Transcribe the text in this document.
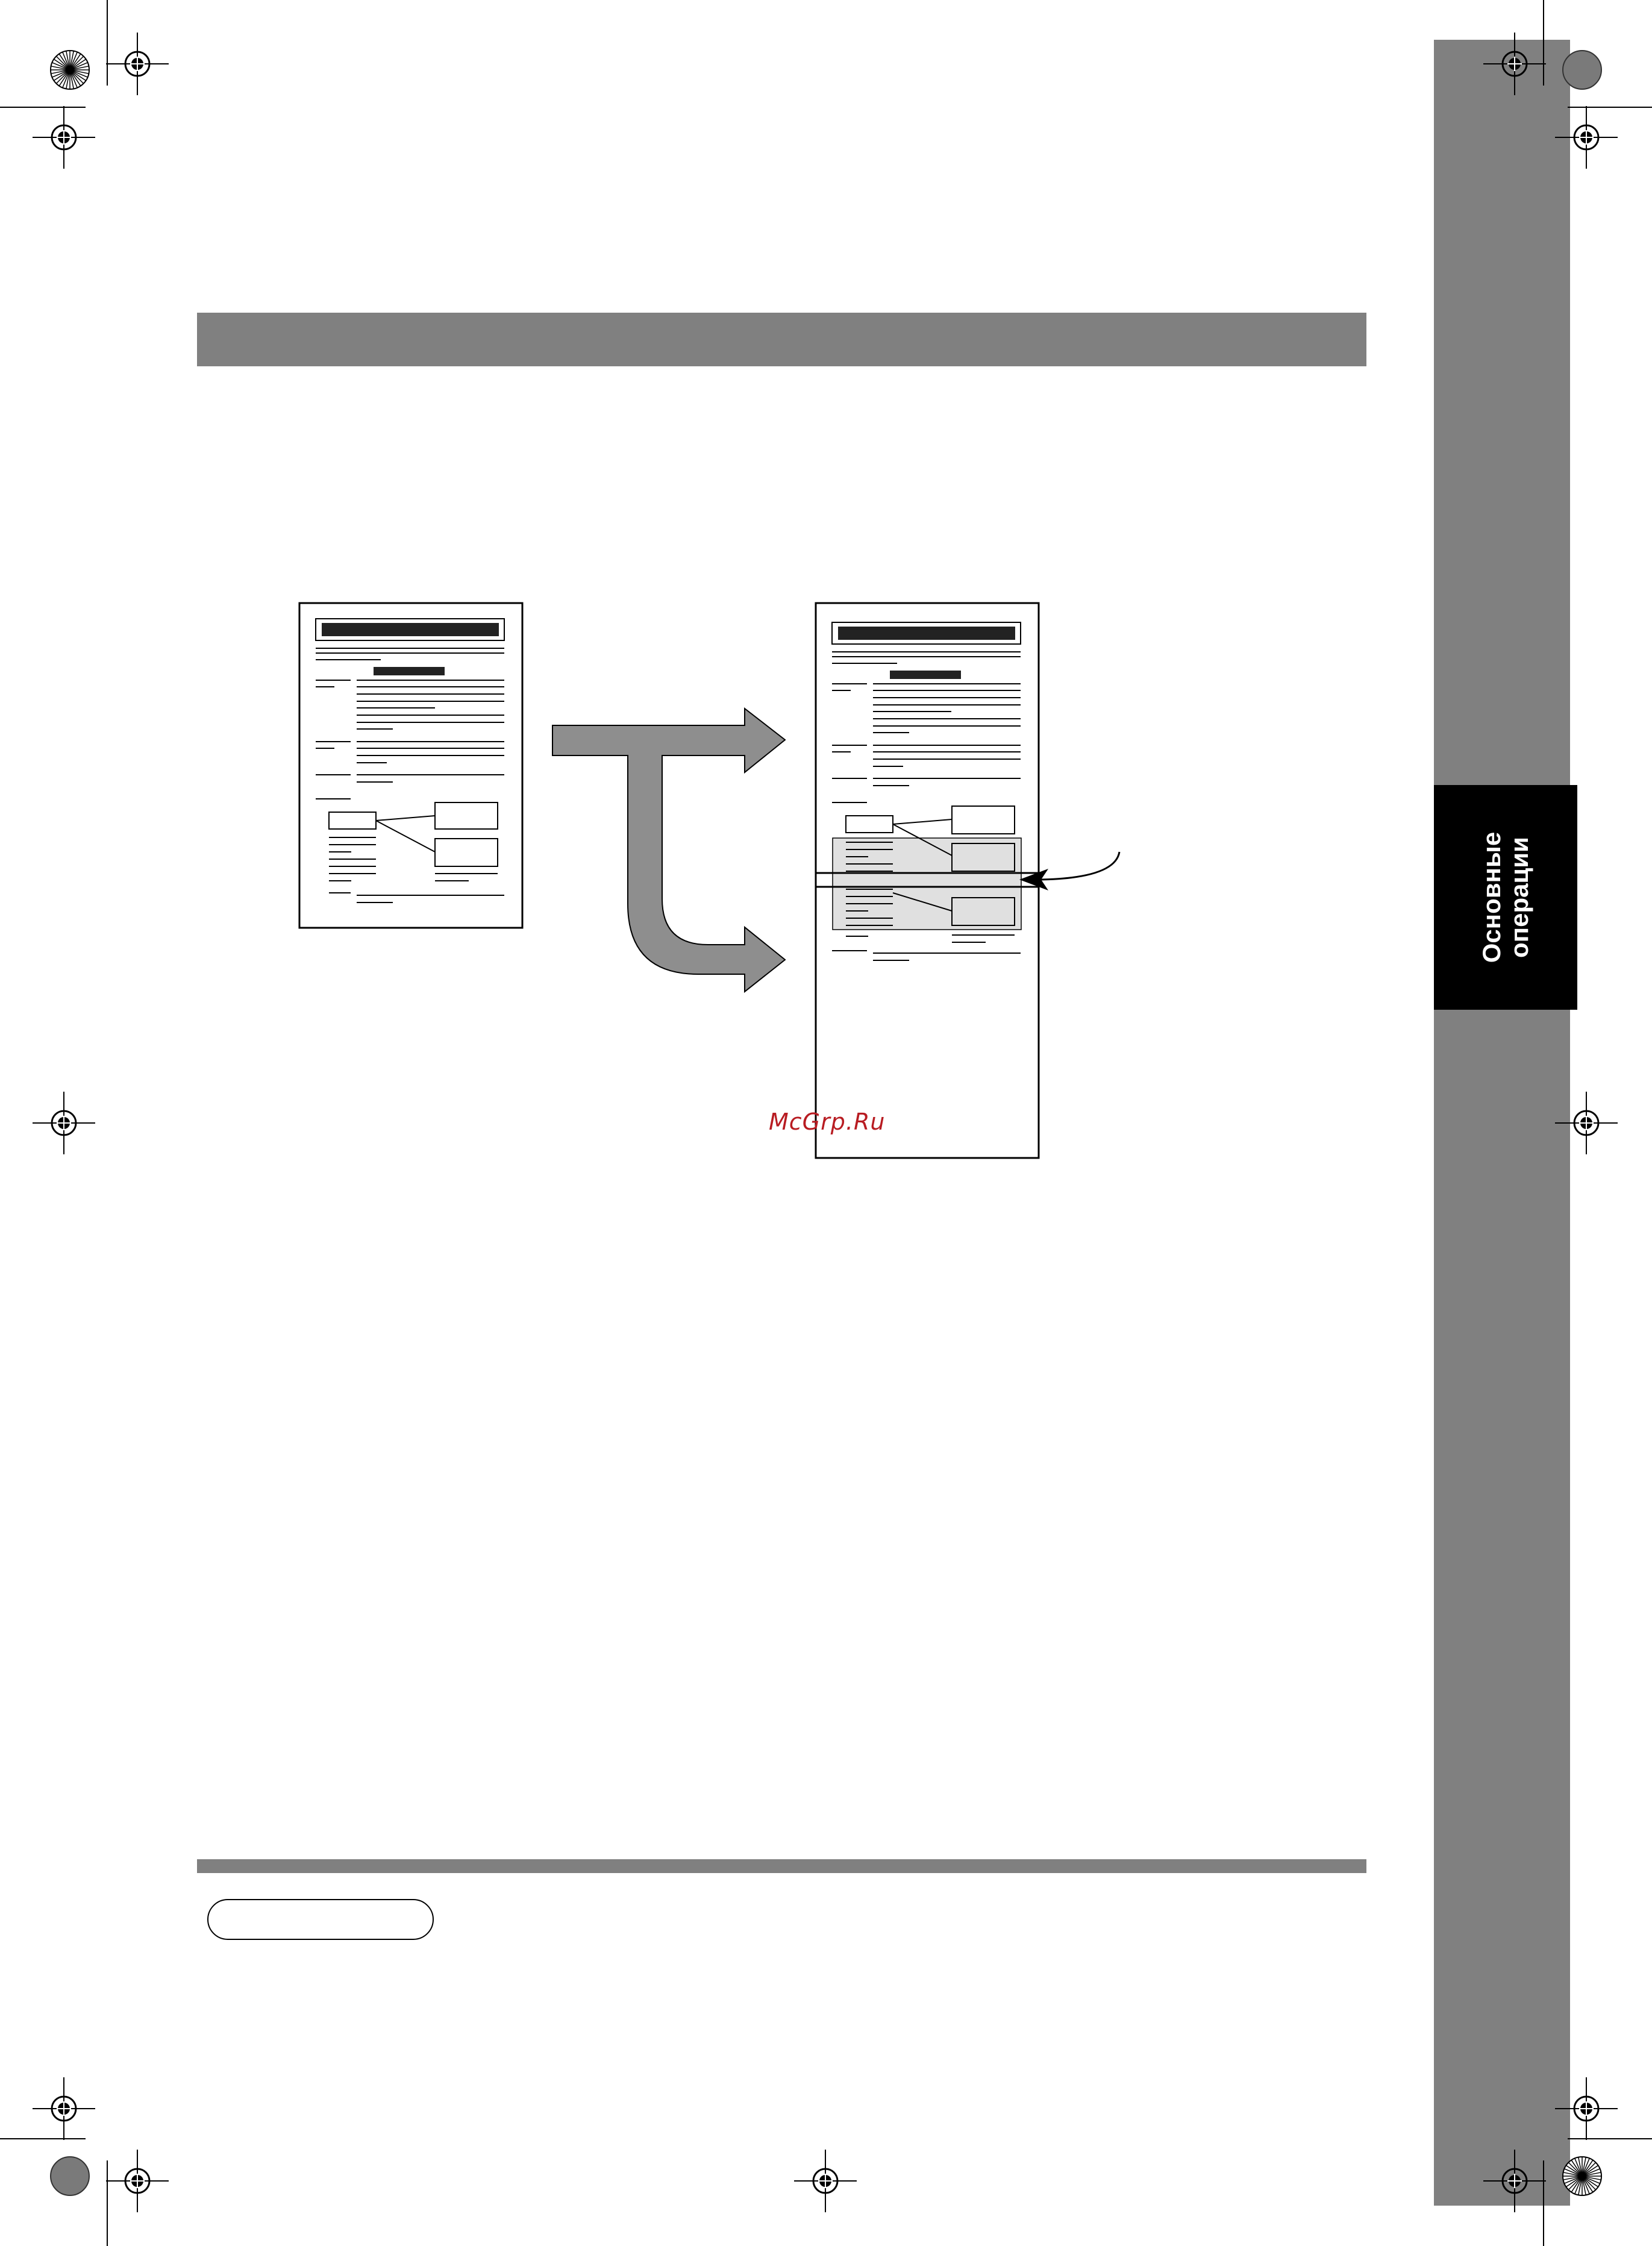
Основные операции
McGrp.Ru
